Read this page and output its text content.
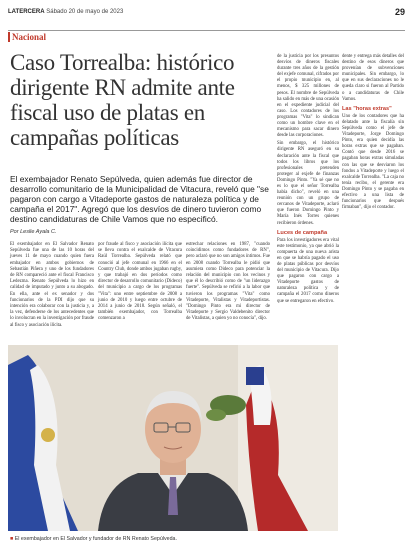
LATERCERA Sábado 20 de mayo de 2023	29
Nacional
Caso Torrealba: histórico dirigente RN admite ante fiscal uso de platas en campañas políticas

El exembajador Renato Sepúlveda, quien además fue director de desarrollo comunitario de la Municipalidad de Vitacura, reveló que "se pagaron con cargo a Vitadeporte gastos de naturaleza política y de campaña el 2017". Agregó que los desvíos de dinero tuvieron como destino candidaturas de Chile Vamos que no especificó.

Por Leslie Ayala C.

El exembajador en El Salvador Renato Sepúlveda fue una de las 10 horas del jueves 11 de mayo cuando quien fuera embajador en ambos gobiernos de Sebastián Piñera y uno de los fundadores de RN compareció ante el fiscal Francisco Ledezma. Renato Sepúlveda lo hizo en calidad de imputado y junto a su abogado. En ella, ante el ex senador y dos funcionarios de la PDI dijo que su intención era colaborar con la justicia y, a la vez, defenderse de los antecedentes que lo involucran en la investigación por fraude al fisco y asociación ilícita.
por fraude al fisco y asociación ilícita que se lleva contra el exalcalde de Vitacura Raúl Torrealba. Sepúlveda relató que conoció al jefe comunal en 1966 en el Country Club, donde ambos jugaban rugby, y que trabajó en dos períodos como director de desarrollo comunitario (Dideco) del municipio a cargo de los programas "Vita": uno entre septiembre de 2008 a junio de 2010 y luego entre octubre de 2014 a junio de 2018. Según señaló, el también exembajador, con Torrealba comenzaron a
estrechar relaciones en 1987, "cuando coincidimos como fundadores de RN", pero aclaró que no son amigos íntimos. Fue en 2008 cuando Torrealba le pidió que asumiera como Dideco para potenciar la relación del municipio con los vecinos y que él lo describió como de "un liderazgo fuerte". Sepúlveda se refirió a la labor que tuvieron los programas "Vita" como Vitadeporte, Vitalistas y Vitadeportistas. "Domingo Pinto era mi director de Vitadeporte y Sergio Valdebenito director de Vitalistas, a quien yo no conocía", dijo.

de la justicia por los presuntos desvíos de dineros fiscales durante tres años de la gestión del exjefe comunal, cifrados por el propio municipio en, al menos, $ 325 millones de pesos. El nombre de Sepúlveda ha salido en más de una ocasión en el expediente judicial del caso. Los contadores de los programas "Vita" lo sindican como un hombre clave en el mecanismo para sacar dinero desde las corporaciones.

Sin embargo, el histórico dirigente RN aseguró en su declaración ante la fiscal que todos los libros que los profesionales pretenden proteger al exjefe de finanzas Domingo Pinto. "Ya sé que no es lo que el señor Torrealba había dicho", reveló en una reunión con un grupo de cercanos de Vitadeporte, aclaró que fueron Domingo Pinto y María Inés Torres quienes recibieron órdenes.

Luces de campaña

Para los investigadores era vital este testimonio, ya que abrió la compuerta de una nueva arista en que se habría pagado el uso de platas públicas por desvíos del municipio de Vitacura. Dijo que pagaron con cargo a Vitadeporte gastos de naturaleza política y de campaña el 2017 como dineros que se entregaron en efectivo.

dente y entrega más detalles del destino de esos dineros que provenían de subvenciones municipales. Sin embargo, lo que en sus declaraciones no le queda claro si fueron al Partido o a candidaturas de Chile Vamos.

Las "horas extras"

Uno de los contadores que ha delatado ante la fiscalía sin Sepúlveda como el jefe de Vitadeporte, Jorge Domingo Pinto, era quien decidía las horas extras que se pagaban. Contó que desde 2016 se pagaban horas extras simuladas con las que se desviaron los fondos a Vitadeporte y luego el exalcalde Torrealba. "La caja no tenía recibo, el gerente era Domingo Pinto y se pagaba en efectivo a una lista de funcionarios que después firmaban", dijo el contador.

■ El exembajador en El Salvador y fundador de RN Renato Sepúlveda.
